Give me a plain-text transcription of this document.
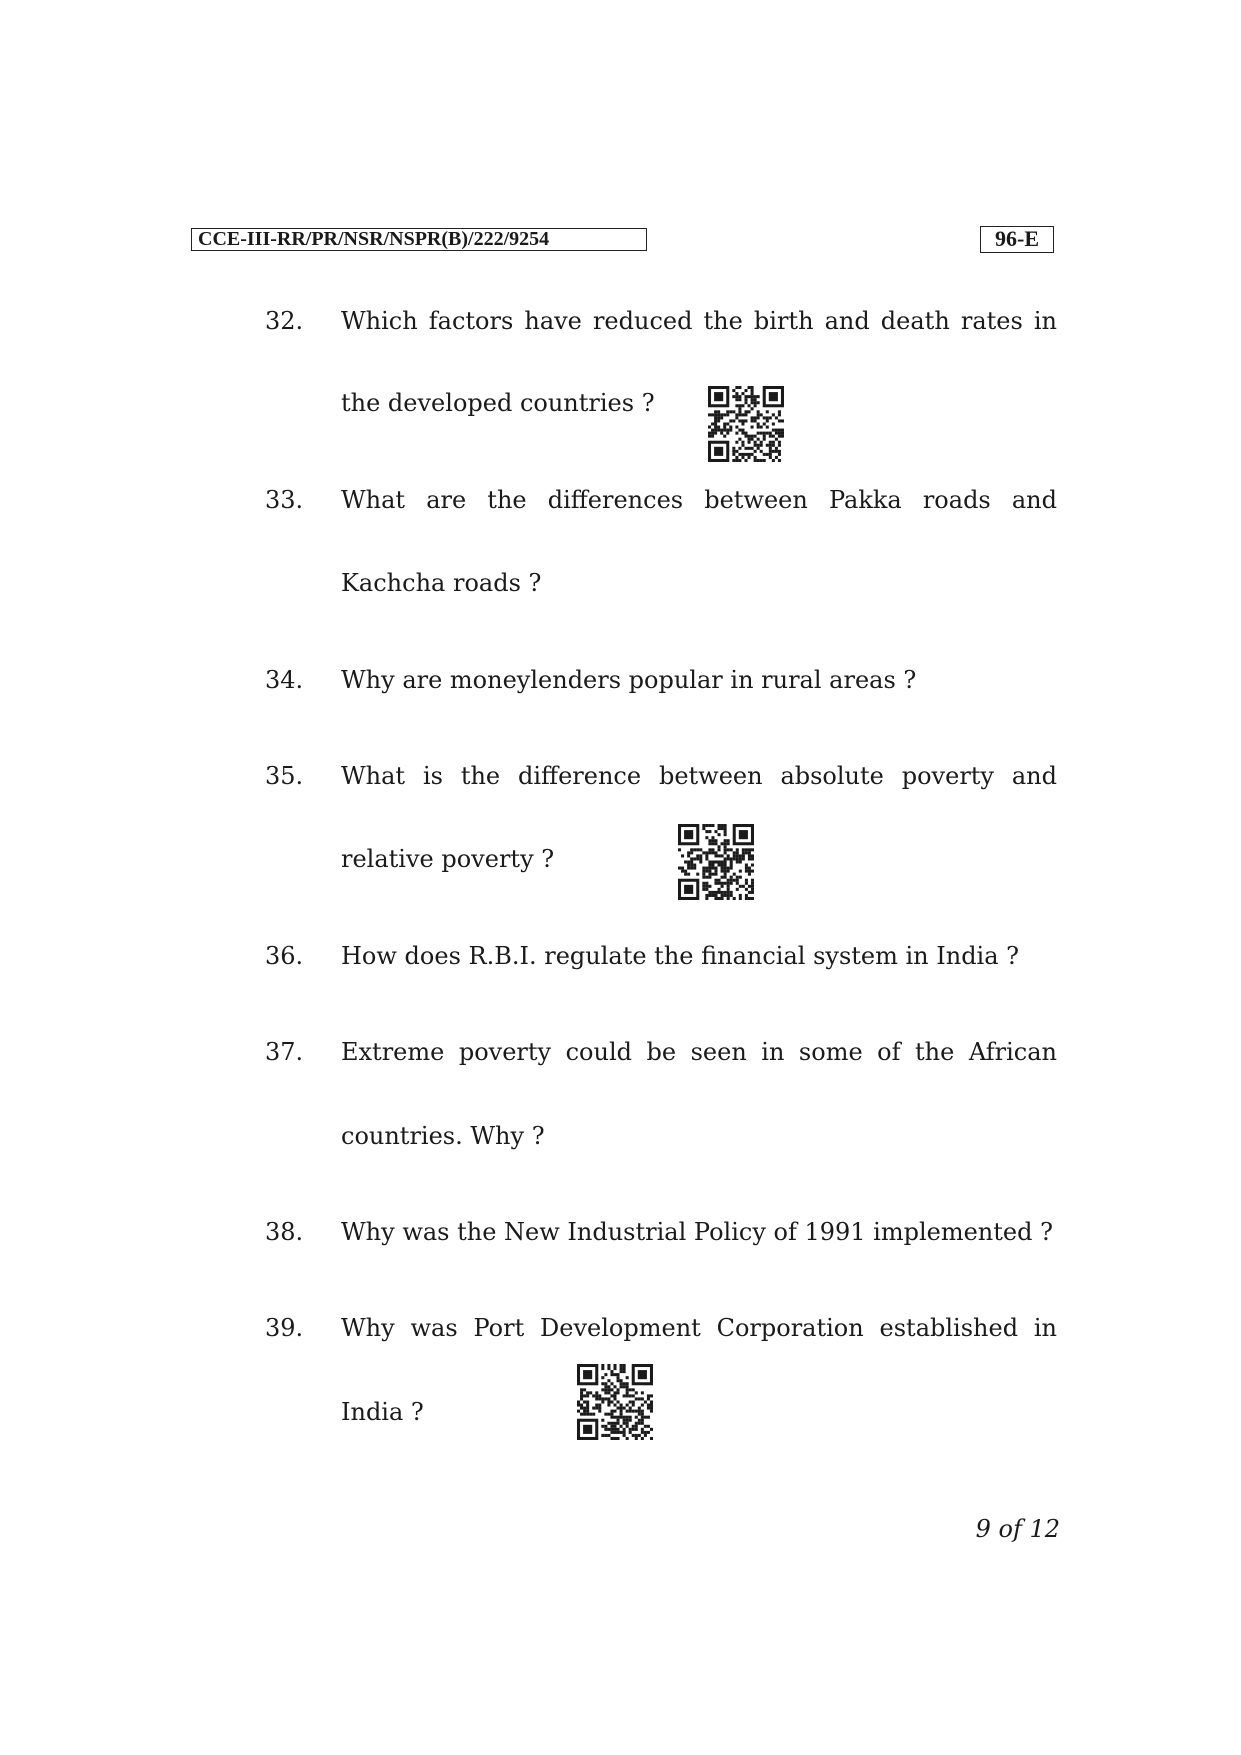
CCE-III-RR/PR/NSR/NSPR(B)/222/9254	96-E
32. Which factors have reduced the birth and death rates in
the developed countries ?
33. What are the differences between Pakka roads and
Kachcha roads ?
34. Why are moneylenders popular in rural areas ?
35. What is the difference between absolute poverty and
relative poverty ?
36. How does R.B.I. regulate the financial system in India ?
37. Extreme poverty could be seen in some of the African
countries. Why ?
38. Why was the New Industrial Policy of 1991 implemented ?
39. Why was Port Development Corporation established in
India ?
9 of 12
